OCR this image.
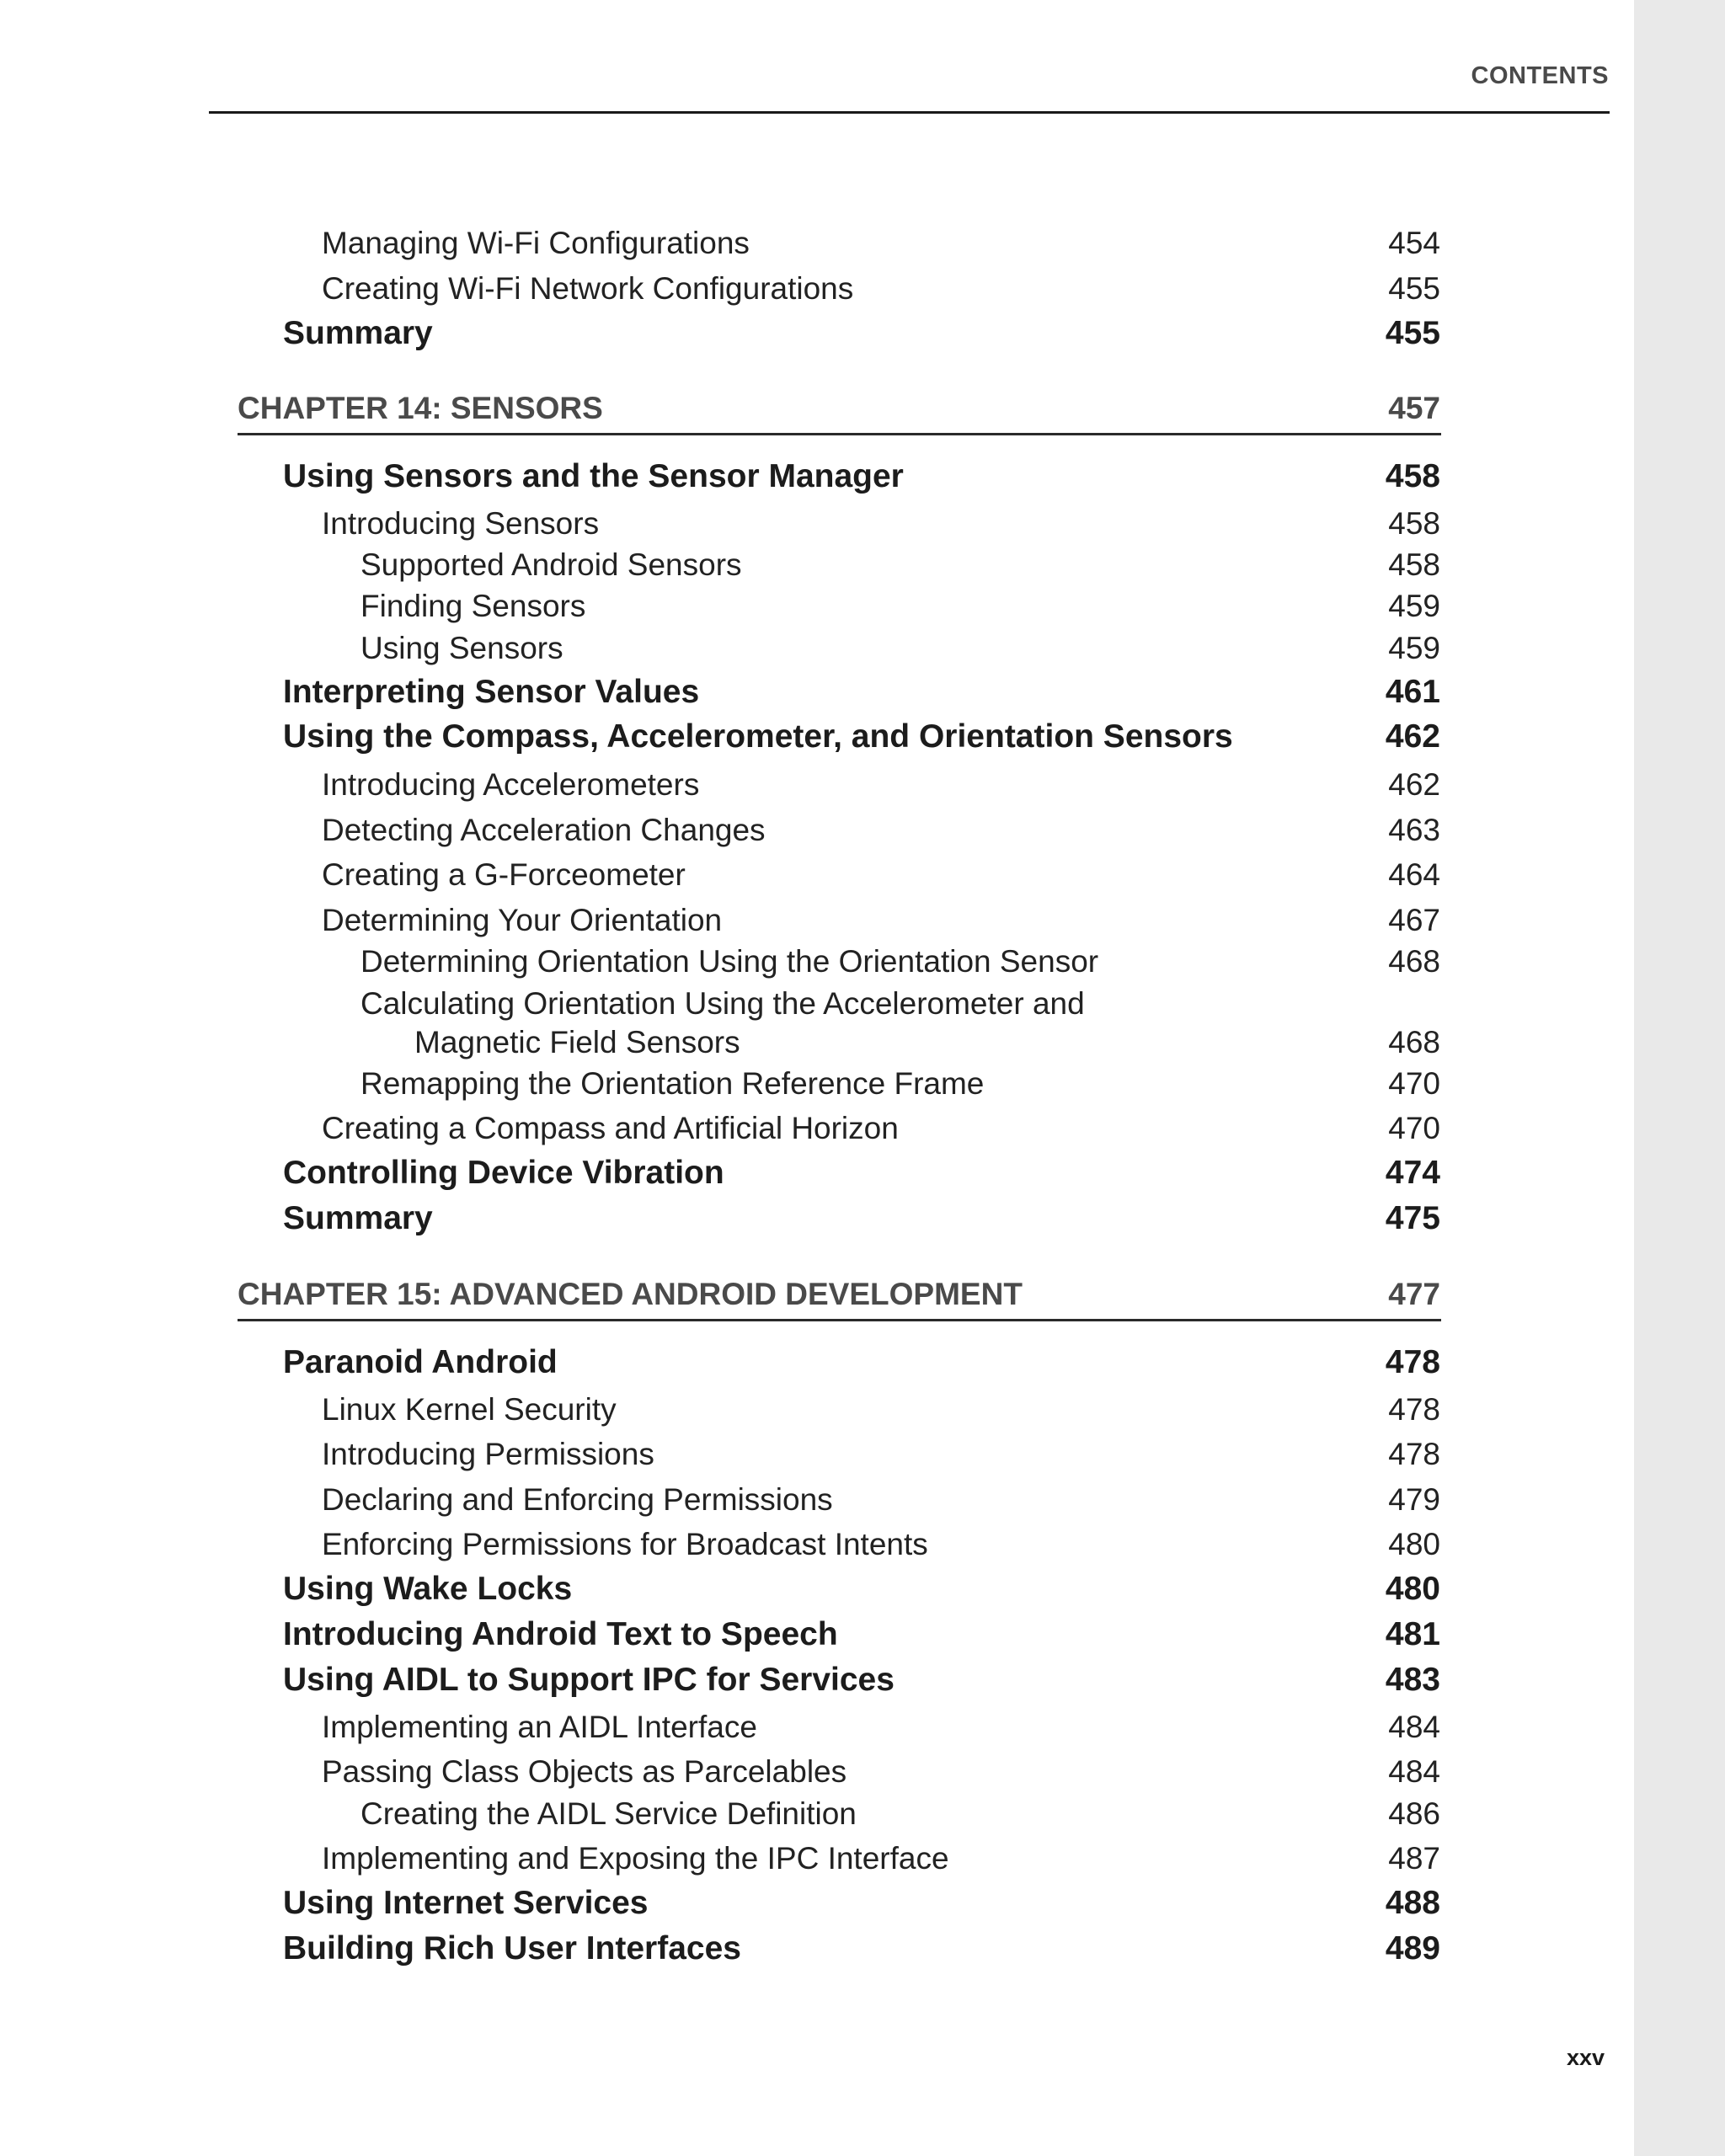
CONTENTS
Managing Wi-Fi Configurations	454
Creating Wi-Fi Network Configurations	455
Summary	455
CHAPTER 14: SENSORS	457
Using Sensors and the Sensor Manager	458
Introducing Sensors	458
Supported Android Sensors	458
Finding Sensors	459
Using Sensors	459
Interpreting Sensor Values	461
Using the Compass, Accelerometer, and Orientation Sensors	462
Introducing Accelerometers	462
Detecting Acceleration Changes	463
Creating a G-Forceometer	464
Determining Your Orientation	467
Determining Orientation Using the Orientation Sensor	468
Calculating Orientation Using the Accelerometer and
Magnetic Field Sensors	468
Remapping the Orientation Reference Frame	470
Creating a Compass and Artificial Horizon	470
Controlling Device Vibration	474
Summary	475
CHAPTER 15: ADVANCED ANDROID DEVELOPMENT	477
Paranoid Android	478
Linux Kernel Security	478
Introducing Permissions	478
Declaring and Enforcing Permissions	479
Enforcing Permissions for Broadcast Intents	480
Using Wake Locks	480
Introducing Android Text to Speech	481
Using AIDL to Support IPC for Services	483
Implementing an AIDL Interface	484
Passing Class Objects as Parcelables	484
Creating the AIDL Service Definition	486
Implementing and Exposing the IPC Interface	487
Using Internet Services	488
Building Rich User Interfaces	489
xxv
